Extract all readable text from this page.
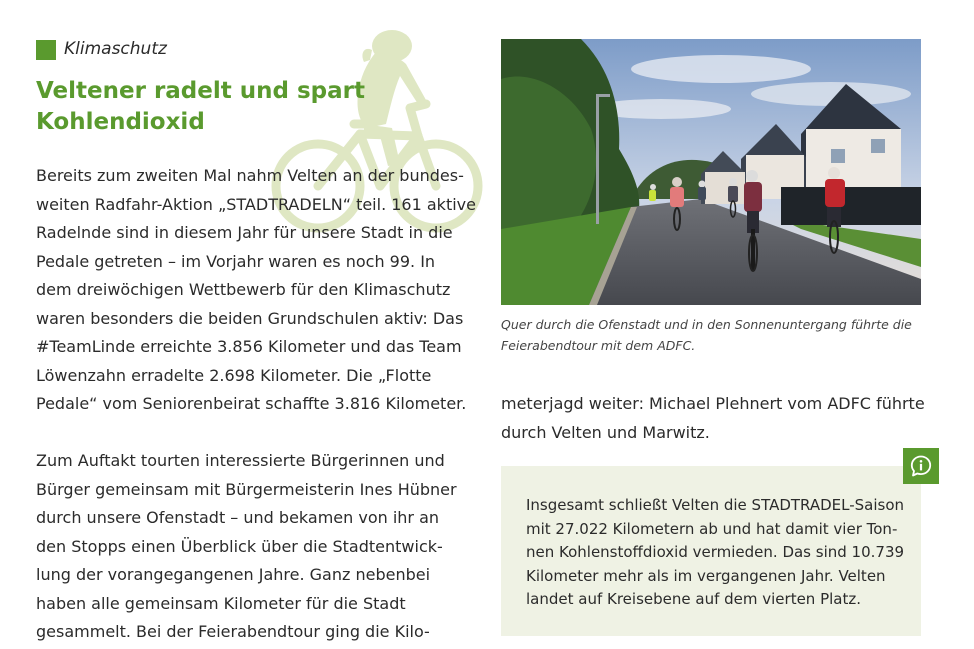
Klimaschutz
Veltener radelt und spart
Kohlendioxid

Bereits zum zweiten Mal nahm Velten an der bundes-
weiten Radfahr-Aktion „STADTRADELN“ teil. 161 aktive
Radelnde sind in diesem Jahr für unsere Stadt in die
Pedale getreten – im Vorjahr waren es noch 99. In
dem dreiwöchigen Wettbewerb für den Klimaschutz
waren besonders die beiden Grundschulen aktiv: Das
#TeamLinde erreichte 3.856 Kilometer und das Team
Löwenzahn erradelte 2.698 Kilometer. Die „Flotte
Pedale“ vom Seniorenbeirat schaffte 3.816 Kilometer.

Zum Auftakt tourten interessierte Bürgerinnen und
Bürger gemeinsam mit Bürgermeisterin Ines Hübner
durch unsere Ofenstadt – und bekamen von ihr an
den Stopps einen Überblick über die Stadtentwick-
lung der vorangegangenen Jahre. Ganz nebenbei
haben alle gemeinsam Kilometer für die Stadt
gesammelt. Bei der Feierabendtour ging die Kilo-

Quer durch die Ofenstadt und in den Sonnenuntergang führte die
Feierabendtour mit dem ADFC.

meterjagd weiter: Michael Plehnert vom ADFC führte
durch Velten und Marwitz.

Insgesamt schließt Velten die STADTRADEL-Saison
mit 27.022 Kilometern ab und hat damit vier Ton-
nen Kohlenstoffdioxid vermieden. Das sind 10.739
Kilometer mehr als im vergangenen Jahr. Velten
landet auf Kreisebene auf dem vierten Platz.
